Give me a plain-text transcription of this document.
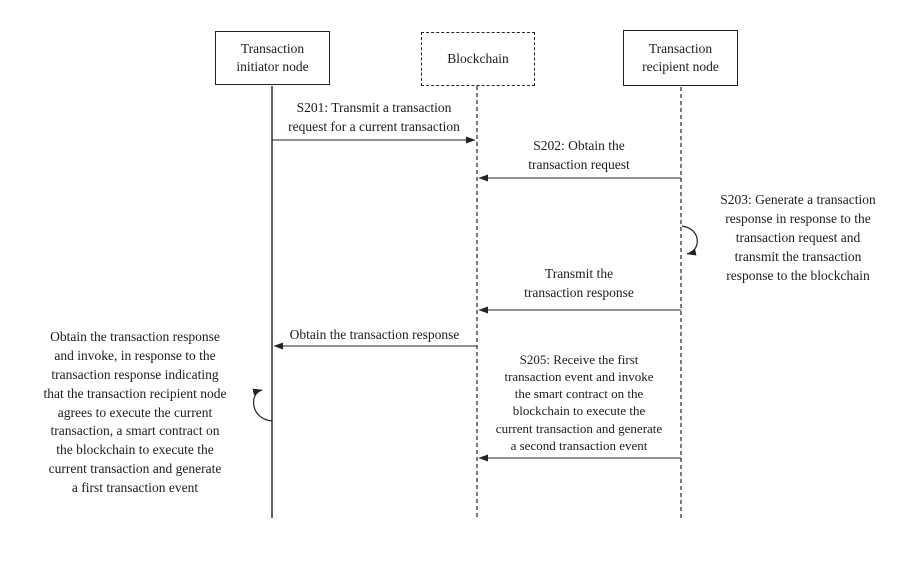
Transaction
initiator node
Blockchain
Transaction
recipient node
S201: Transmit a transaction
request for a current transaction
S202: Obtain the
transaction request
S203: Generate a transaction
response in response to the
transaction request and
transmit the transaction
response to the blockchain
Transmit the
transaction response
Obtain the transaction response
Obtain the transaction response
and invoke, in response to the
transaction response indicating
that the transaction recipient node
agrees to execute the current
transaction, a smart contract on
the blockchain to execute the
current transaction and generate
a first transaction event
S205: Receive the first
transaction event and invoke
the smart contract on the
blockchain to execute the
current transaction and generate
a second transaction event
